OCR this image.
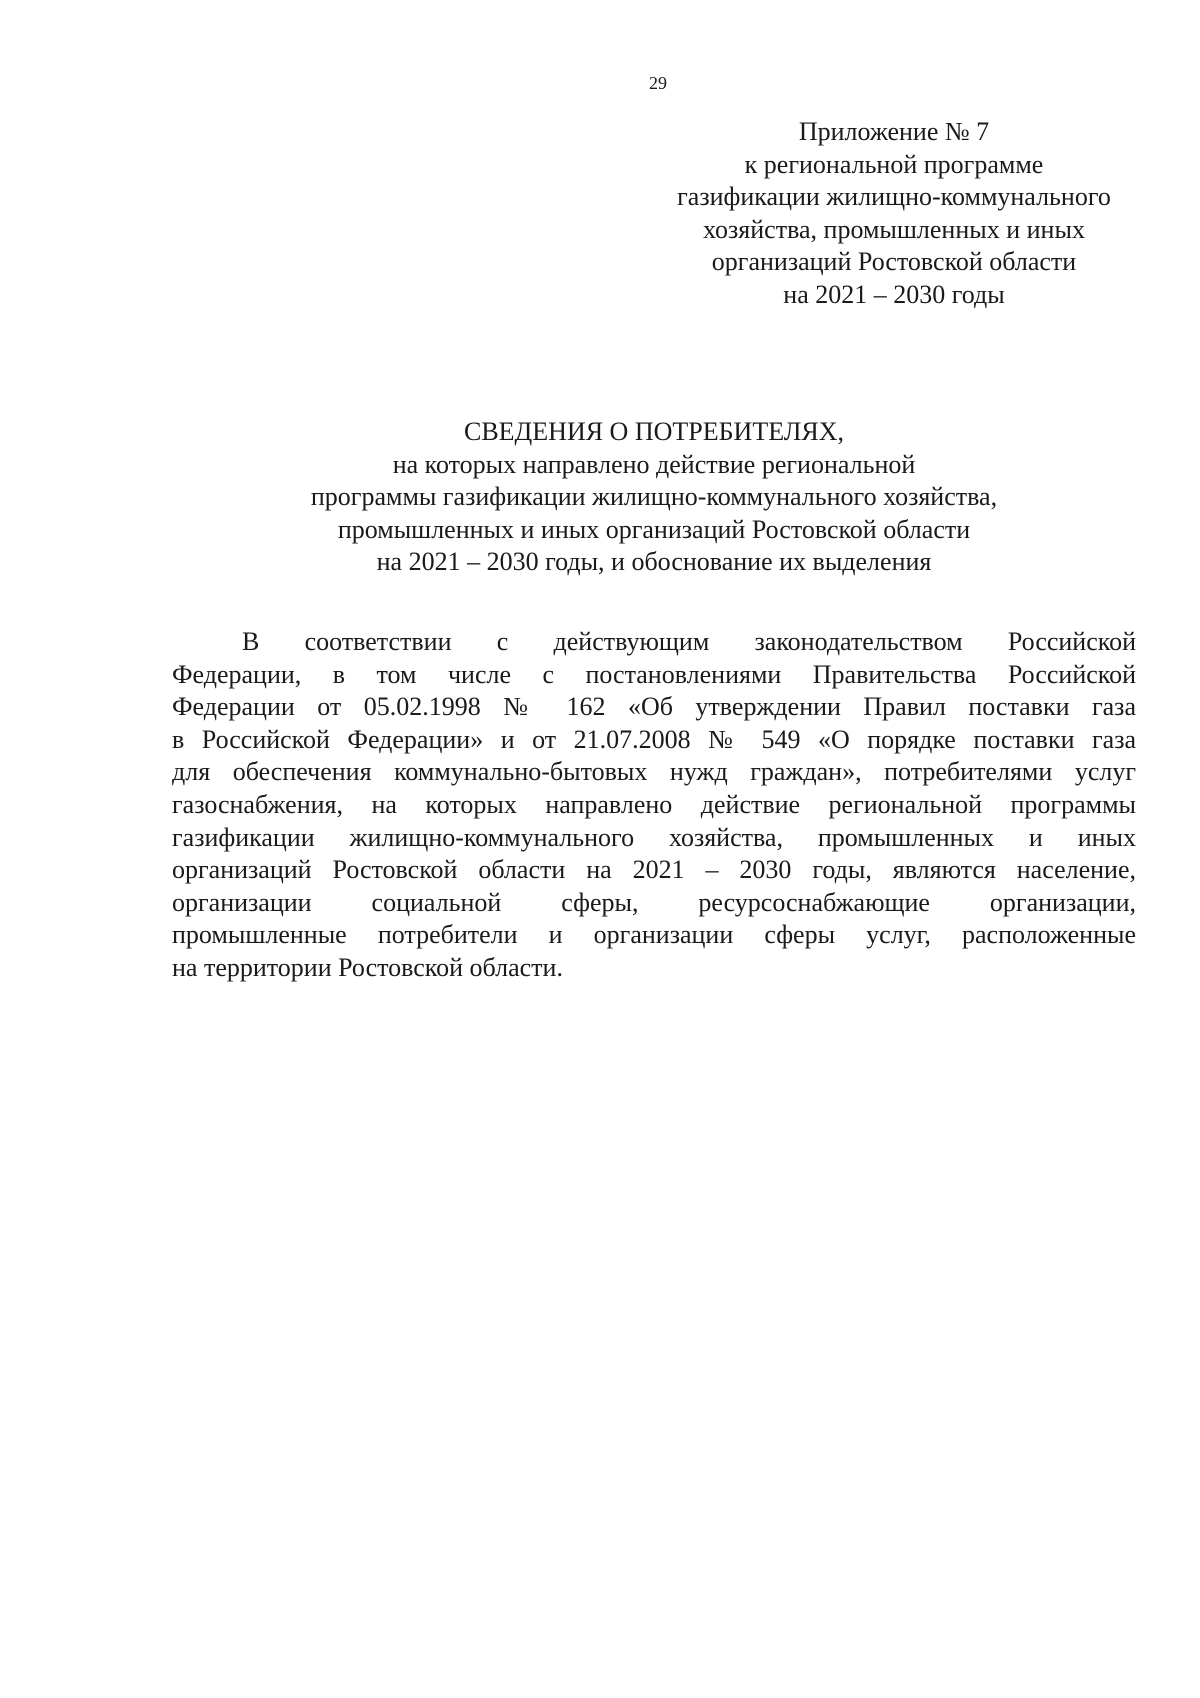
29
Приложение № 7
к региональной программе
газификации жилищно-коммунального
хозяйства, промышленных и иных
организаций Ростовской области
на 2021 – 2030 годы
СВЕДЕНИЯ О ПОТРЕБИТЕЛЯХ,
на которых направлено действие региональной
программы газификации жилищно-коммунального хозяйства,
промышленных и иных организаций Ростовской области
на 2021 – 2030 годы, и обоснование их выделения
В соответствии с действующим законодательством Российской
Федерации, в том числе с постановлениями Правительства Российской
Федерации от 05.02.1998 № 162 «Об утверждении Правил поставки газа
в Российской Федерации» и от 21.07.2008 № 549 «О порядке поставки газа
для обеспечения коммунально-бытовых нужд граждан», потребителями услуг
газоснабжения, на которых направлено действие региональной программы
газификации жилищно-коммунального хозяйства, промышленных и иных
организаций Ростовской области на 2021 – 2030 годы, являются население,
организации социальной сферы, ресурсоснабжающие организации,
промышленные потребители и организации сферы услуг, расположенные
на территории Ростовской области.
